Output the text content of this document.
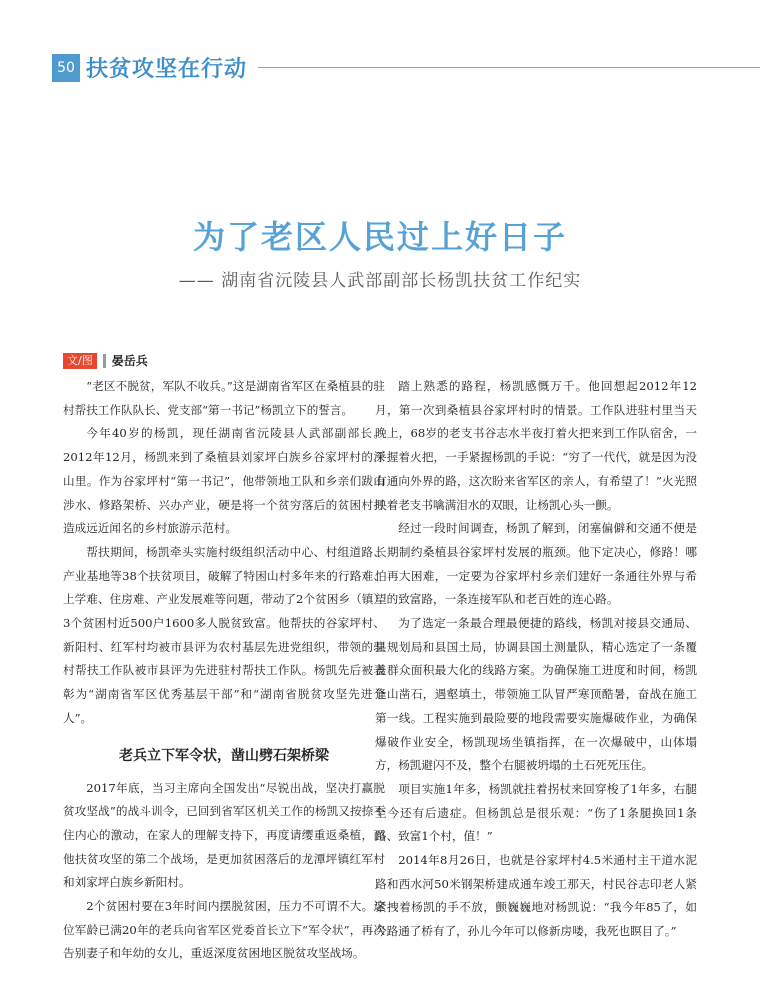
50 扶贫攻坚在行动
为了老区人民过上好日子
—— 湖南省沅陵县人武部副部长杨凯扶贫工作纪实
文/图	晏岳兵

“老区不脱贫，军队不收兵。”这是湖南省军区在桑植县的驻村帮扶工作队队长、党支部“第一书记”杨凯立下的誓言。

今年40岁的杨凯，现任湖南省沅陵县人武部副部长。2012年12月，杨凯来到了桑植县刘家坪白族乡谷家坪村的深山里。作为谷家坪村“第一书记”，他带领地工队和乡亲们跋山涉水、修路架桥、兴办产业，硬是将一个贫穷落后的贫困村打造成远近闻名的乡村旅游示范村。

帮扶期间，杨凯牵头实施村级组织活动中心、村组道路、产业基地等38个扶贫项目，破解了特困山村多年来的行路难、上学难、住房难、产业发展难等问题，带动了2个贫困乡（镇）3个贫困村近500户1600多人脱贫致富。他帮扶的谷家坪村、新阳村、红军村均被市县评为农村基层先进党组织，带领的驻村帮扶工作队被市县评为先进驻村帮扶工作队。杨凯先后被表彰为“湖南省军区优秀基层干部”和“湖南省脱贫攻坚先进个人”。

老兵立下军令状，凿山劈石架桥梁

2017年底，当习主席向全国发出“尽锐出战，坚决打赢脱贫攻坚战”的战斗训令，已回到省军区机关工作的杨凯又按捺不住内心的激动，在家人的理解支持下，再度请缨重返桑植，而他扶贫攻坚的第二个战场，是更加贫困落后的龙潭坪镇红军村和刘家坪白族乡新阳村。

2个贫困村要在3年时间内摆脱贫困，压力不可谓不大。这位军龄已满20年的老兵向省军区党委首长立下“军令状”，再次告别妻子和年幼的女儿，重返深度贫困地区脱贫攻坚战场。

踏上熟悉的路程，杨凯感慨万千。他回想起2012年12月，第一次到桑植县谷家坪村时的情景。工作队进驻村里当天晚上，68岁的老支书谷志水半夜打着火把来到工作队宿舍，一手握着火把，一手紧握杨凯的手说：“穷了一代代，就是因为没有通向外界的路，这次盼来省军区的亲人，有希望了！”火光照映着老支书噙满泪水的双眼，让杨凯心头一颤。

经过一段时间调查，杨凯了解到，闭塞偏僻和交通不便是长期制约桑植县谷家坪村发展的瓶颈。他下定决心，修路！哪怕再大困难，一定要为谷家坪村乡亲们建好一条通往外界与希望的致富路，一条连接军队和老百姓的连心路。

为了选定一条最合理最便捷的路线，杨凯对接县交通局、县规划局和县国土局，协调县国土测量队，精心选定了一条覆盖群众面积最大化的线路方案。为确保施工进度和时间，杨凯逢山凿石，遇壑填土，带领施工队冒严寒顶酷暑，奋战在施工第一线。工程实施到最险要的地段需要实施爆破作业，为确保爆破作业安全，杨凯现场坐镇指挥，在一次爆破中，山体塌方，杨凯避闪不及，整个右腿被坍塌的土石死死压住。

项目实施1年多，杨凯就拄着拐杖来回穿梭了1年多，右腿至今还有后遗症。但杨凯总是很乐观：“伤了1条腿换回1条路、致富1个村，值！”

2014年8月26日，也就是谷家坪村4.5米通村主干道水泥路和西水河50米钢架桥建成通车竣工那天，村民谷志印老人紧紧拽着杨凯的手不放，颤巍巍地对杨凯说：“我今年85了，如今路通了桥有了，孙儿今年可以修新房喽，我死也瞑目了。”
